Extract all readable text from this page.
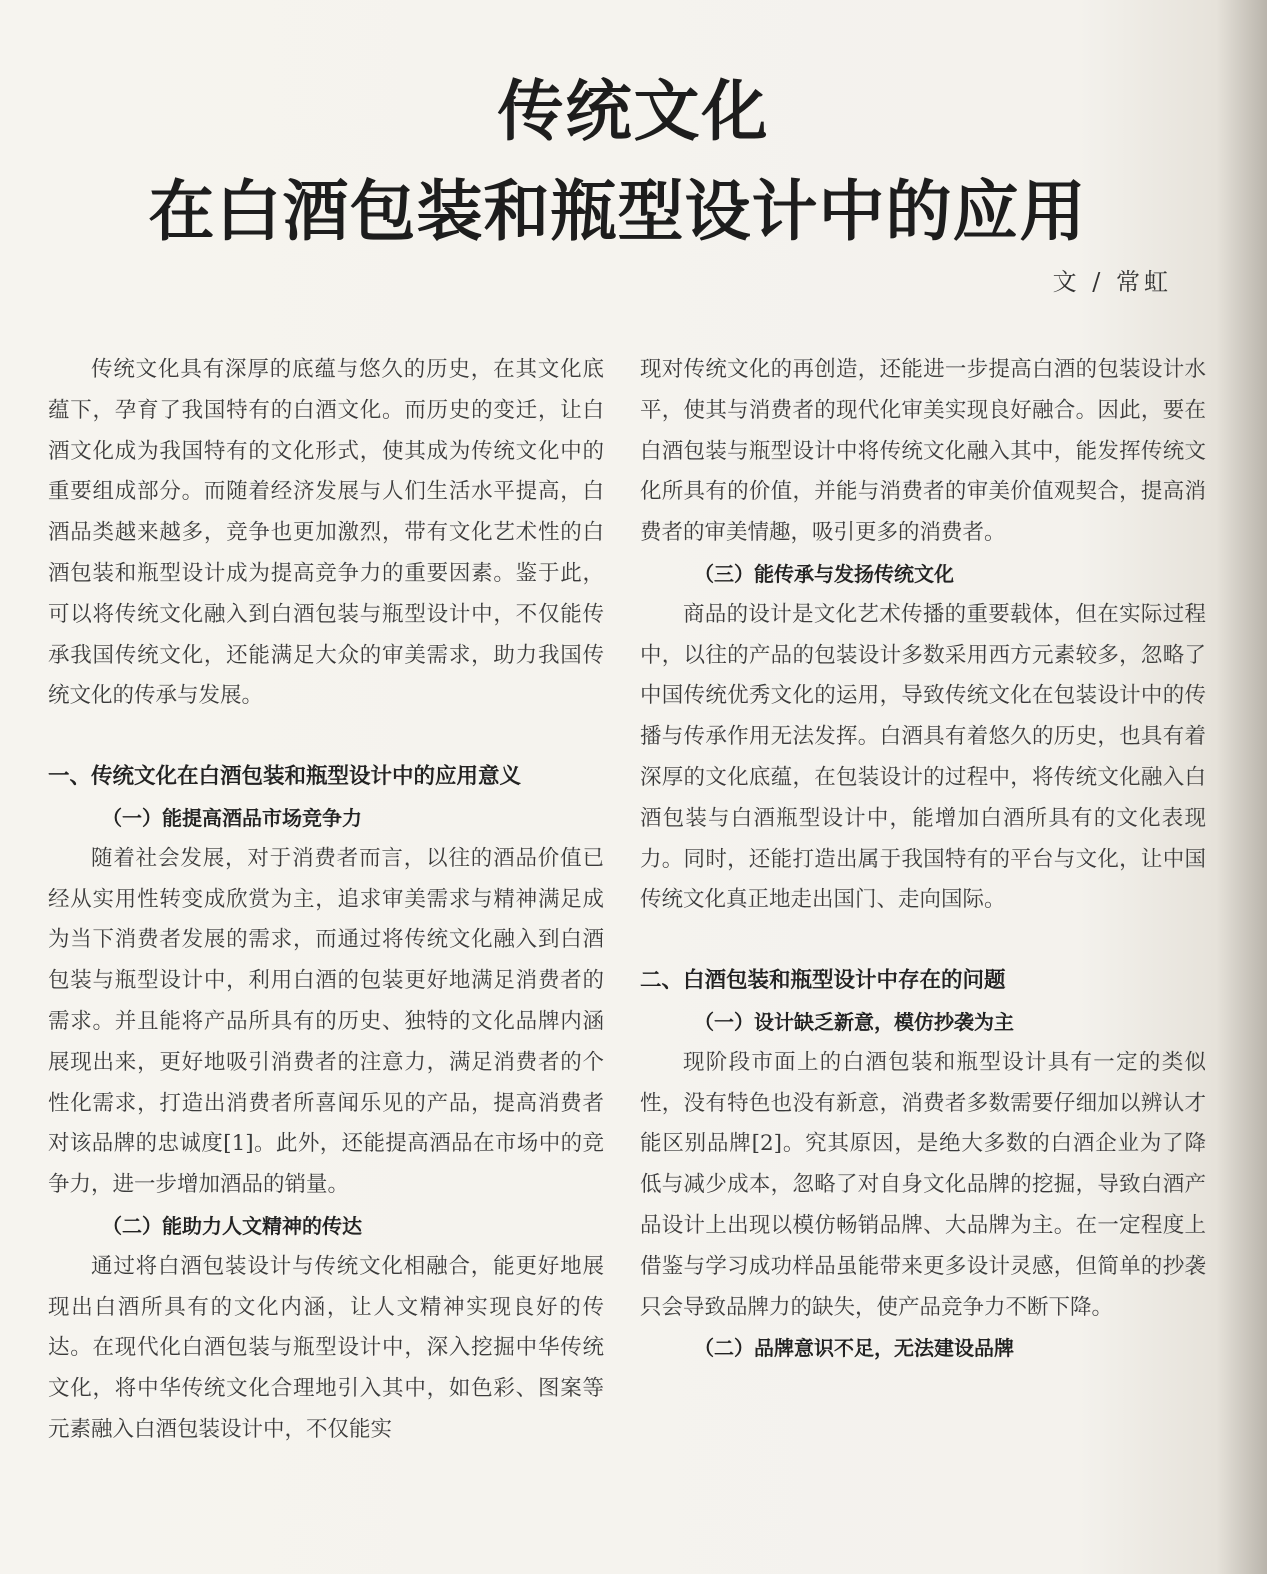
传统文化
在白酒包装和瓶型设计中的应用
文 / 常虹

传统文化具有深厚的底蕴与悠久的历史，在其文化底蕴下，孕育了我国特有的白酒文化。而历史的变迁，让白酒文化成为我国特有的文化形式，使其成为传统文化中的重要组成部分。而随着经济发展与人们生活水平提高，白酒品类越来越多，竞争也更加激烈，带有文化艺术性的白酒包装和瓶型设计成为提高竞争力的重要因素。鉴于此，可以将传统文化融入到白酒包装与瓶型设计中，不仅能传承我国传统文化，还能满足大众的审美需求，助力我国传统文化的传承与发展。

一、传统文化在白酒包装和瓶型设计中的应用意义
（一）能提高酒品市场竞争力

随着社会发展，对于消费者而言，以往的酒品价值已经从实用性转变成欣赏为主，追求审美需求与精神满足成为当下消费者发展的需求，而通过将传统文化融入到白酒包装与瓶型设计中，利用白酒的包装更好地满足消费者的需求。并且能将产品所具有的历史、独特的文化品牌内涵展现出来，更好地吸引消费者的注意力，满足消费者的个性化需求，打造出消费者所喜闻乐见的产品，提高消费者对该品牌的忠诚度[1]。此外，还能提高酒品在市场中的竞争力，进一步增加酒品的销量。

（二）能助力人文精神的传达

通过将白酒包装设计与传统文化相融合，能更好地展现出白酒所具有的文化内涵，让人文精神实现良好的传达。在现代化白酒包装与瓶型设计中，深入挖掘中华传统文化，将中华传统文化合理地引入其中，如色彩、图案等元素融入白酒包装设计中，不仅能实

现对传统文化的再创造，还能进一步提高白酒的包装设计水平，使其与消费者的现代化审美实现良好融合。因此，要在白酒包装与瓶型设计中将传统文化融入其中，能发挥传统文化所具有的价值，并能与消费者的审美价值观契合，提高消费者的审美情趣，吸引更多的消费者。

（三）能传承与发扬传统文化

商品的设计是文化艺术传播的重要载体，但在实际过程中，以往的产品的包装设计多数采用西方元素较多，忽略了中国传统优秀文化的运用，导致传统文化在包装设计中的传播与传承作用无法发挥。白酒具有着悠久的历史，也具有着深厚的文化底蕴，在包装设计的过程中，将传统文化融入白酒包装与白酒瓶型设计中，能增加白酒所具有的文化表现力。同时，还能打造出属于我国特有的平台与文化，让中国传统文化真正地走出国门、走向国际。

二、白酒包装和瓶型设计中存在的问题
（一）设计缺乏新意，模仿抄袭为主

现阶段市面上的白酒包装和瓶型设计具有一定的类似性，没有特色也没有新意，消费者多数需要仔细加以辨认才能区别品牌[2]。究其原因，是绝大多数的白酒企业为了降低与减少成本，忽略了对自身文化品牌的挖掘，导致白酒产品设计上出现以模仿畅销品牌、大品牌为主。在一定程度上借鉴与学习成功样品虽能带来更多设计灵感，但简单的抄袭只会导致品牌力的缺失，使产品竞争力不断下降。

（二）品牌意识不足，无法建设品牌
